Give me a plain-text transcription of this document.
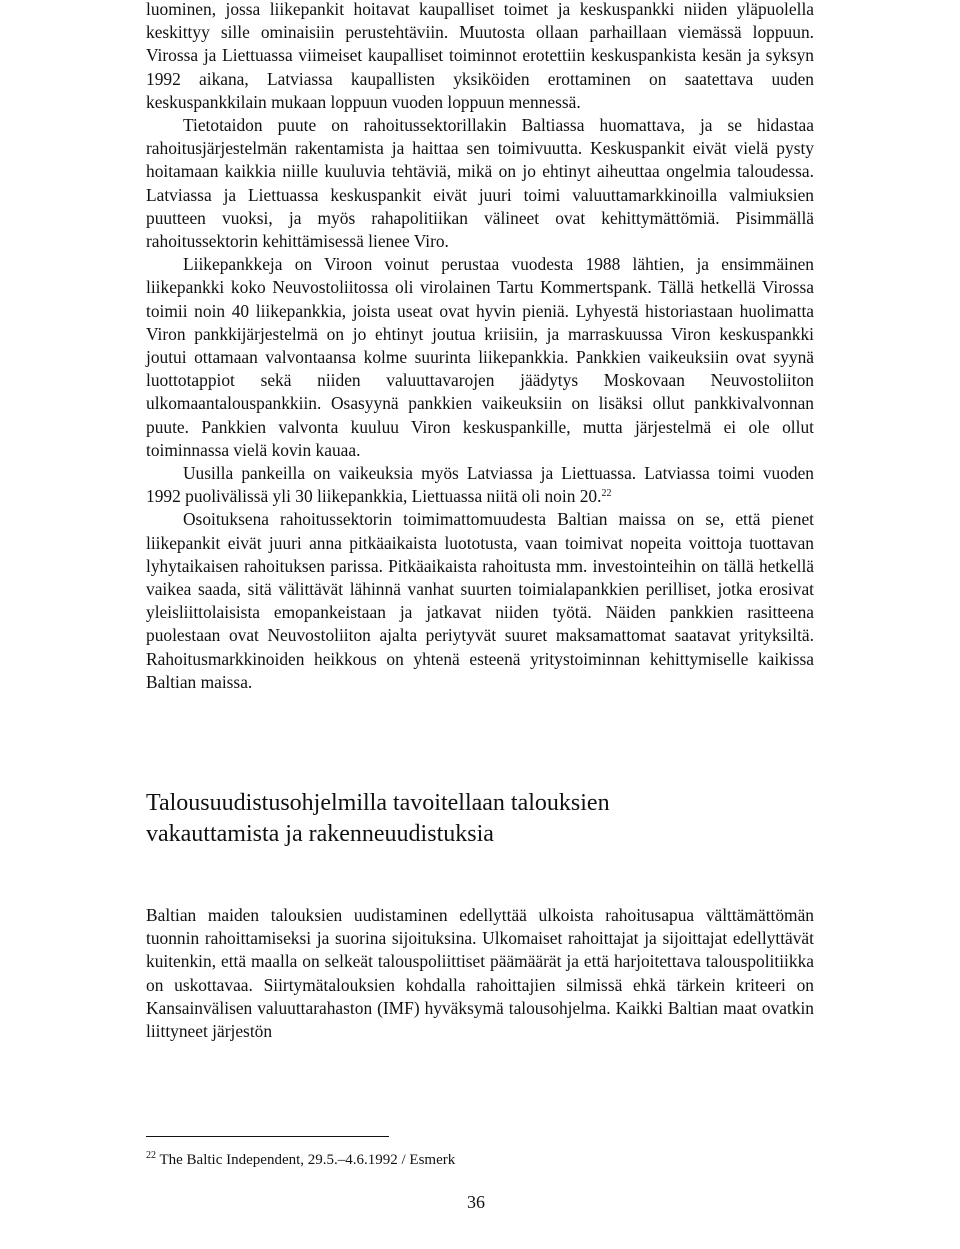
luominen, jossa liikepankit hoitavat kaupalliset toimet ja keskuspankki niiden yläpuolella keskittyy sille ominaisiin perustehtäviin. Muutosta ollaan parhaillaan viemässä loppuun. Virossa ja Liettuassa viimeiset kaupalliset toiminnot erotettiin keskuspankista kesän ja syksyn 1992 aikana, Latviassa kaupallisten yksiköiden erottaminen on saatettava uuden keskuspankkilain mukaan loppuun vuoden loppuun mennessä.

Tietotaidon puute on rahoitussektorillakin Baltiassa huomattava, ja se hidastaa rahoitusjärjestelmän rakentamista ja haittaa sen toimivuutta. Keskuspankit eivät vielä pysty hoitamaan kaikkia niille kuuluvia tehtäviä, mikä on jo ehtinyt aiheuttaa ongelmia taloudessa. Latviassa ja Liettuassa keskuspankit eivät juuri toimi valuuttamarkkinoilla valmiuksien puutteen vuoksi, ja myös rahapolitiikan välineet ovat kehittymättömiä. Pisimmällä rahoitussektorin kehittämisessä lienee Viro.

Liikepankkeja on Viroon voinut perustaa vuodesta 1988 lähtien, ja ensimmäinen liikepankki koko Neuvostoliitossa oli virolainen Tartu Kommertspank. Tällä hetkellä Virossa toimii noin 40 liikepankkia, joista useat ovat hyvin pieniä. Lyhyestä historiastaan huolimatta Viron pankkijärjestelmä on jo ehtinyt joutua kriisiin, ja marraskuussa Viron keskuspankki joutui ottamaan valvontaansa kolme suurinta liikepankkia. Pankkien vaikeuksiin ovat syynä luottotappiot sekä niiden valuuttavarojen jäädytys Moskovaan Neuvostoliiton ulkomaantalouspankkiin. Osasyynä pankkien vaikeuksiin on lisäksi ollut pankkivalvonnan puute. Pankkien valvonta kuuluu Viron keskuspankille, mutta järjestelmä ei ole ollut toiminnassa vielä kovin kauaa.

Uusilla pankeilla on vaikeuksia myös Latviassa ja Liettuassa. Latviassa toimi vuoden 1992 puolivälissä yli 30 liikepankkia, Liettuassa niitä oli noin 20.22

Osoituksena rahoitussektorin toimimattomuudesta Baltian maissa on se, että pienet liikepankit eivät juuri anna pitkäaikaista luototusta, vaan toimivat nopeita voittoja tuottavan lyhytaikaisen rahoituksen parissa. Pitkäaikaista rahoitusta mm. investointeihin on tällä hetkellä vaikea saada, sitä välittävät lähinnä vanhat suurten toimialapankkien perilliset, jotka erosivat yleisliittolaisista emopankeistaan ja jatkavat niiden työtä. Näiden pankkien rasitteena puolestaan ovat Neuvostoliiton ajalta periytyvät suuret maksamattomat saatavat yrityksiltä. Rahoitusmarkkinoiden heikkous on yhtenä esteenä yritystoiminnan kehittymiselle kaikissa Baltian maissa.

Talousuudistusohjelmilla tavoitellaan talouksien
vakauttamista ja rakenneuudistuksia

Baltian maiden talouksien uudistaminen edellyttää ulkoista rahoitusapua välttämättömän tuonnin rahoittamiseksi ja suorina sijoituksina. Ulkomaiset rahoittajat ja sijoittajat edellyttävät kuitenkin, että maalla on selkeät talouspoliittiset päämäärät ja että harjoitettava talouspolitiikka on uskottavaa. Siirtymätalouksien kohdalla rahoittajien silmissä ehkä tärkein kriteeri on Kansainvälisen valuuttarahaston (IMF) hyväksymä talousohjelma. Kaikki Baltian maat ovatkin liittyneet järjestön

$^{22}$ The Baltic Independent, 29.5.–4.6.1992 / Esmerk
36
